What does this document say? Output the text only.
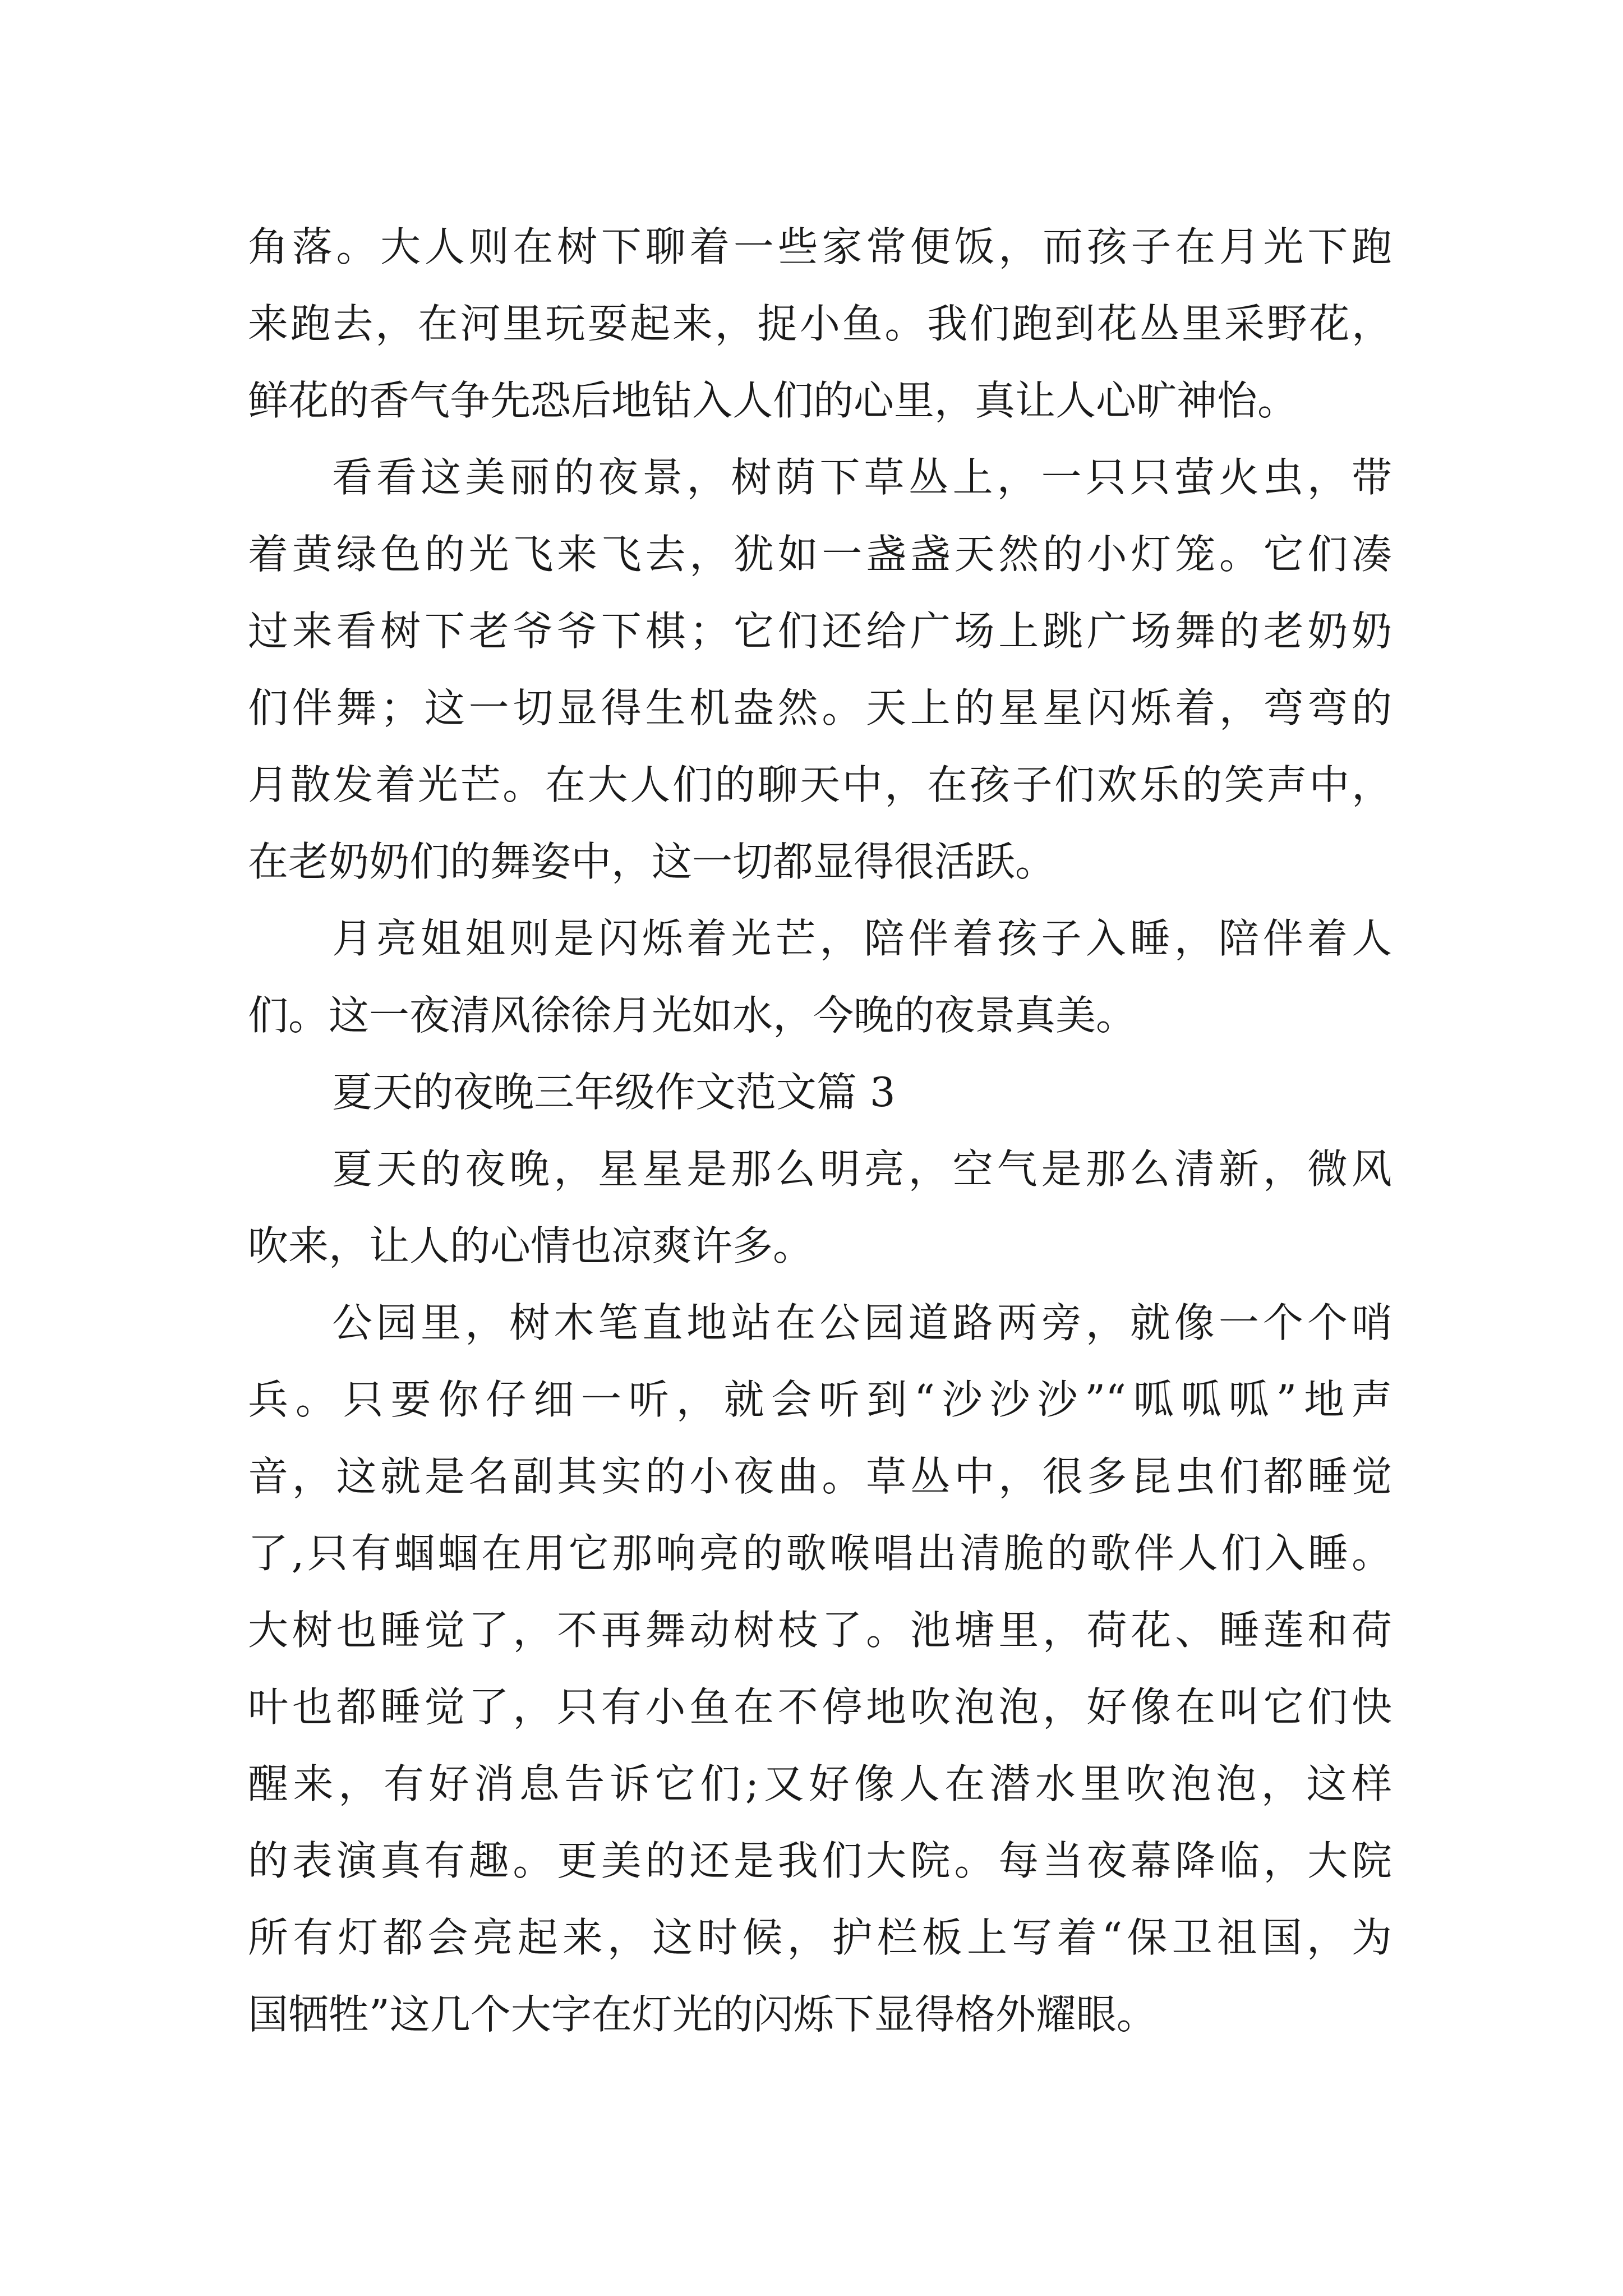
角落。大人则在树下聊着一些家常便饭，而孩子在月光下跑
来跑去，在河里玩耍起来，捉小鱼。我们跑到花丛里采野花，
鲜花的香气争先恐后地钻入人们的心里，真让人心旷神怡。
看看这美丽的夜景，树荫下草丛上，一只只萤火虫，带
着黄绿色的光飞来飞去，犹如一盏盏天然的小灯笼。它们凑
过来看树下老爷爷下棋；它们还给广场上跳广场舞的老奶奶
们伴舞；这一切显得生机盎然。天上的星星闪烁着，弯弯的
月散发着光芒。在大人们的聊天中，在孩子们欢乐的笑声中，
在老奶奶们的舞姿中，这一切都显得很活跃。
月亮姐姐则是闪烁着光芒，陪伴着孩子入睡，陪伴着人
们。这一夜清风徐徐月光如水，今晚的夜景真美。
夏天的夜晚三年级作文范文篇 3
夏天的夜晚，星星是那么明亮，空气是那么清新，微风
吹来，让人的心情也凉爽许多。
公园里，树木笔直地站在公园道路两旁，就像一个个哨
兵。只要你仔细一听，就会听到“沙沙沙”“呱呱呱”地声
音，这就是名副其实的小夜曲。草丛中，很多昆虫们都睡觉
了,只有蝈蝈在用它那响亮的歌喉唱出清脆的歌伴人们入睡。
大树也睡觉了，不再舞动树枝了。池塘里，荷花、睡莲和荷
叶也都睡觉了，只有小鱼在不停地吹泡泡，好像在叫它们快
醒来，有好消息告诉它们;又好像人在潜水里吹泡泡，这样
的表演真有趣。更美的还是我们大院。每当夜幕降临，大院
所有灯都会亮起来，这时候，护栏板上写着“保卫祖国，为
国牺牲”这几个大字在灯光的闪烁下显得格外耀眼。
